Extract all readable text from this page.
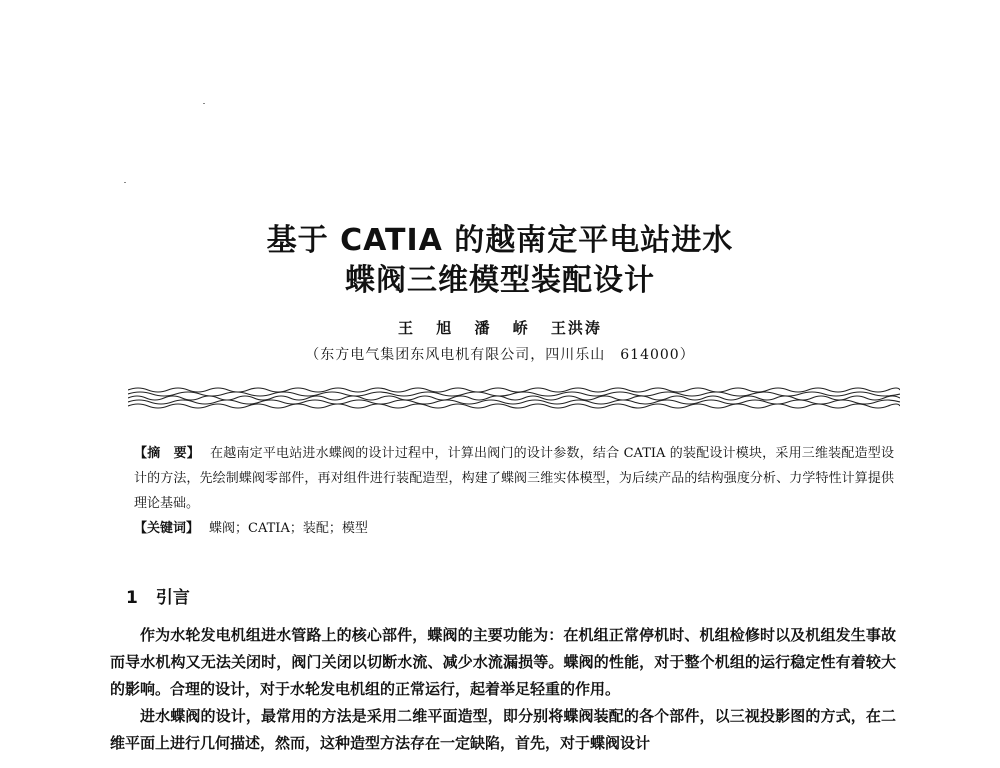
基于 CATIA 的越南定平电站进水
蝶阀三维模型装配设计
王 旭 潘 峤 王洪涛
（东方电气集团东风电机有限公司，四川乐山　614000）

【摘　要】 在越南定平电站进水蝶阀的设计过程中，计算出阀门的设计参数，结合 CATIA 的装配设计模块，采用三维装配造型设计的方法，先绘制蝶阀零部件，再对组件进行装配造型，构建了蝶阀三维实体模型，为后续产品的结构强度分析、力学特性计算提供理论基础。

【关键词】 蝶阀；CATIA；装配；模型

1 引言

作为水轮发电机组进水管路上的核心部件，蝶阀的主要功能为：在机组正常停机时、机组检修时以及机组发生事故而导水机构又无法关闭时，阀门关闭以切断水流、减少水流漏损等。蝶阀的性能，对于整个机组的运行稳定性有着较大的影响。合理的设计，对于水轮发电机组的正常运行，起着举足轻重的作用。

进水蝶阀的设计，最常用的方法是采用二维平面造型，即分别将蝶阀装配的各个部件，以三视投影图的方式，在二维平面上进行几何描述，然而，这种造型方法存在一定缺陷，首先，对于蝶阀设计
